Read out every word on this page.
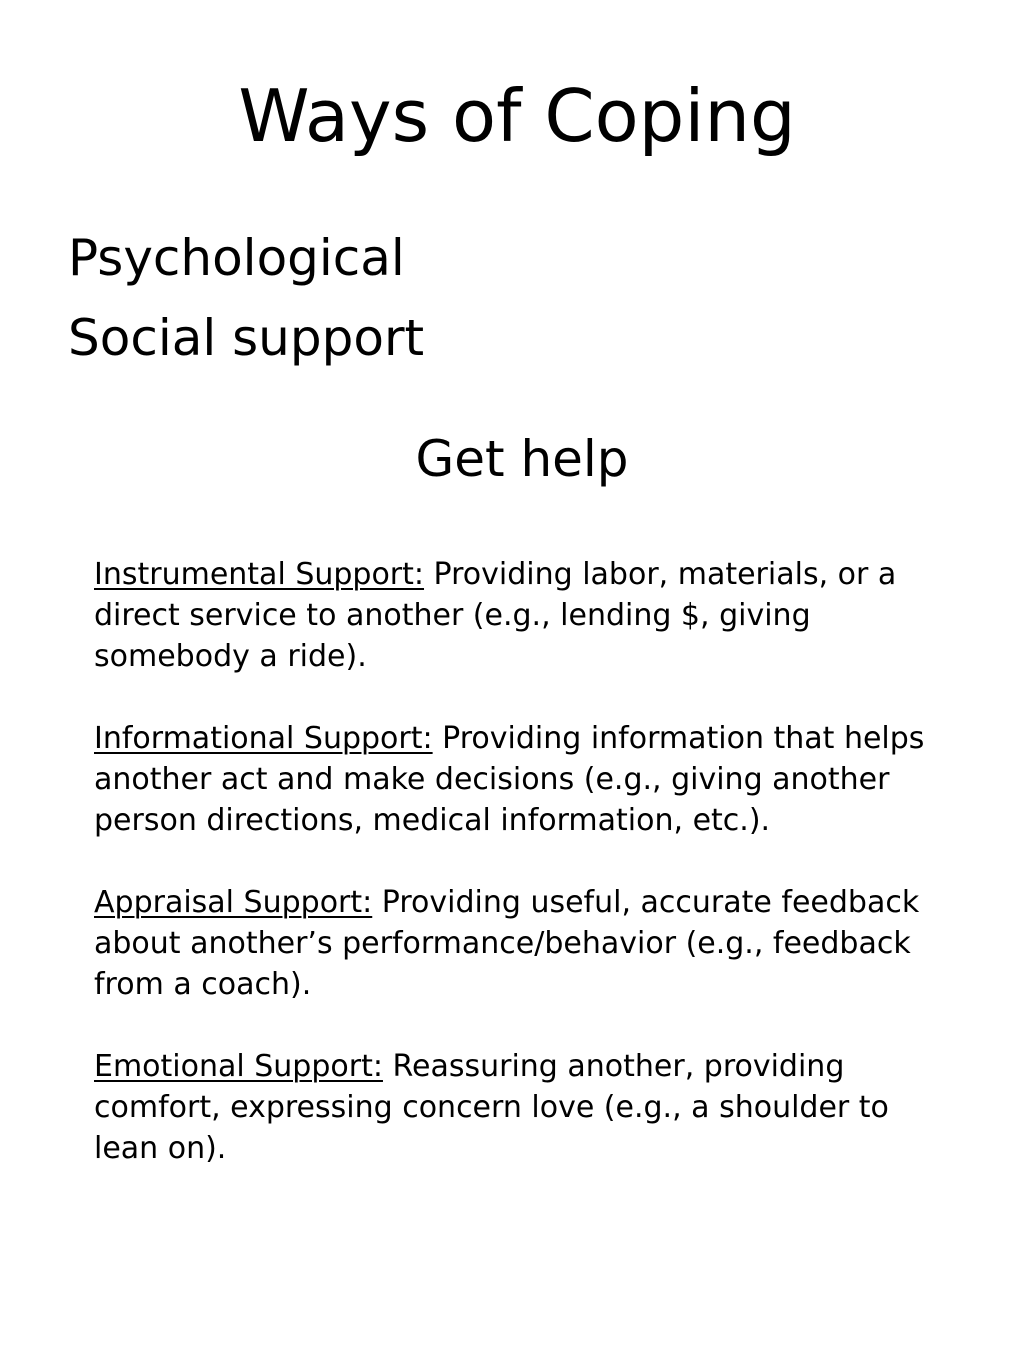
Ways of Coping
Psychological
Social support
Get help

Instrumental Support: Providing labor, materials, or a direct service to another (e.g., lending $, giving somebody a ride).

Informational Support: Providing information that helps another act and make decisions (e.g., giving another person directions, medical information, etc.).

Appraisal Support: Providing useful, accurate feedback about another’s performance/behavior (e.g., feedback from a coach).

Emotional Support: Reassuring another, providing comfort, expressing concern love (e.g., a shoulder to lean on).
